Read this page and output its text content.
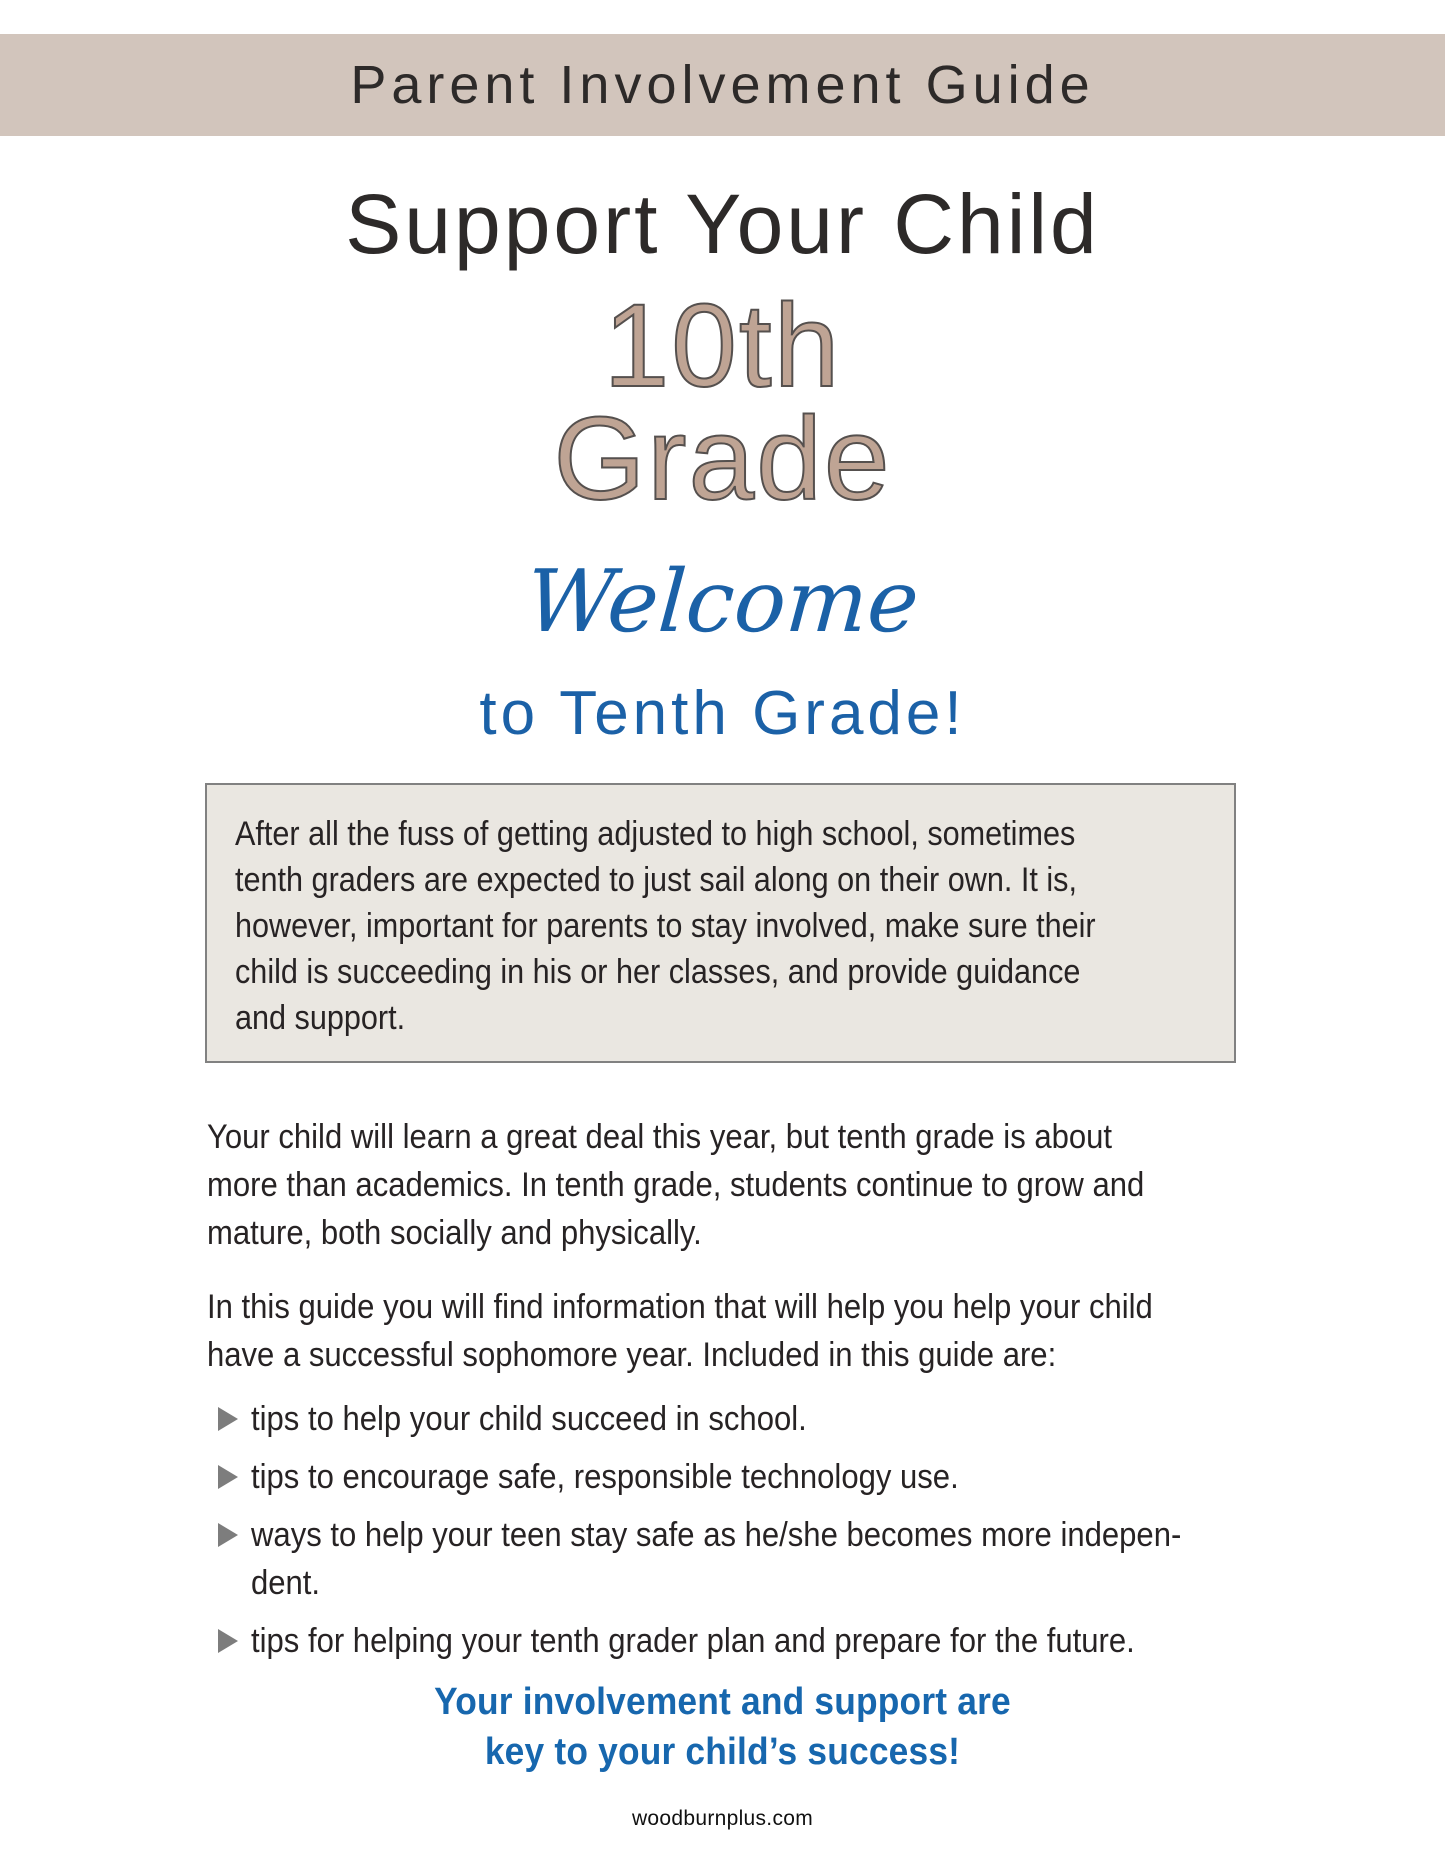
Parent Involvement Guide
Support Your Child
10th
Grade
Welcome
to Tenth Grade!
After all the fuss of getting adjusted to high school, sometimes
tenth graders are expected to just sail along on their own. It is,
however, important for parents to stay involved, make sure their
child is succeeding in his or her classes, and provide guidance
and support.
Your child will learn a great deal this year, but tenth grade is about
more than academics. In tenth grade, students continue to grow and
mature, both socially and physically.
In this guide you will find information that will help you help your child
have a successful sophomore year. Included in this guide are:
tips to help your child succeed in school.
tips to encourage safe, responsible technology use.
ways to help your teen stay safe as he/she becomes more indepen-
dent.
tips for helping your tenth grader plan and prepare for the future.
Your involvement and support are
key to your child’s success!
woodburnplus.com
